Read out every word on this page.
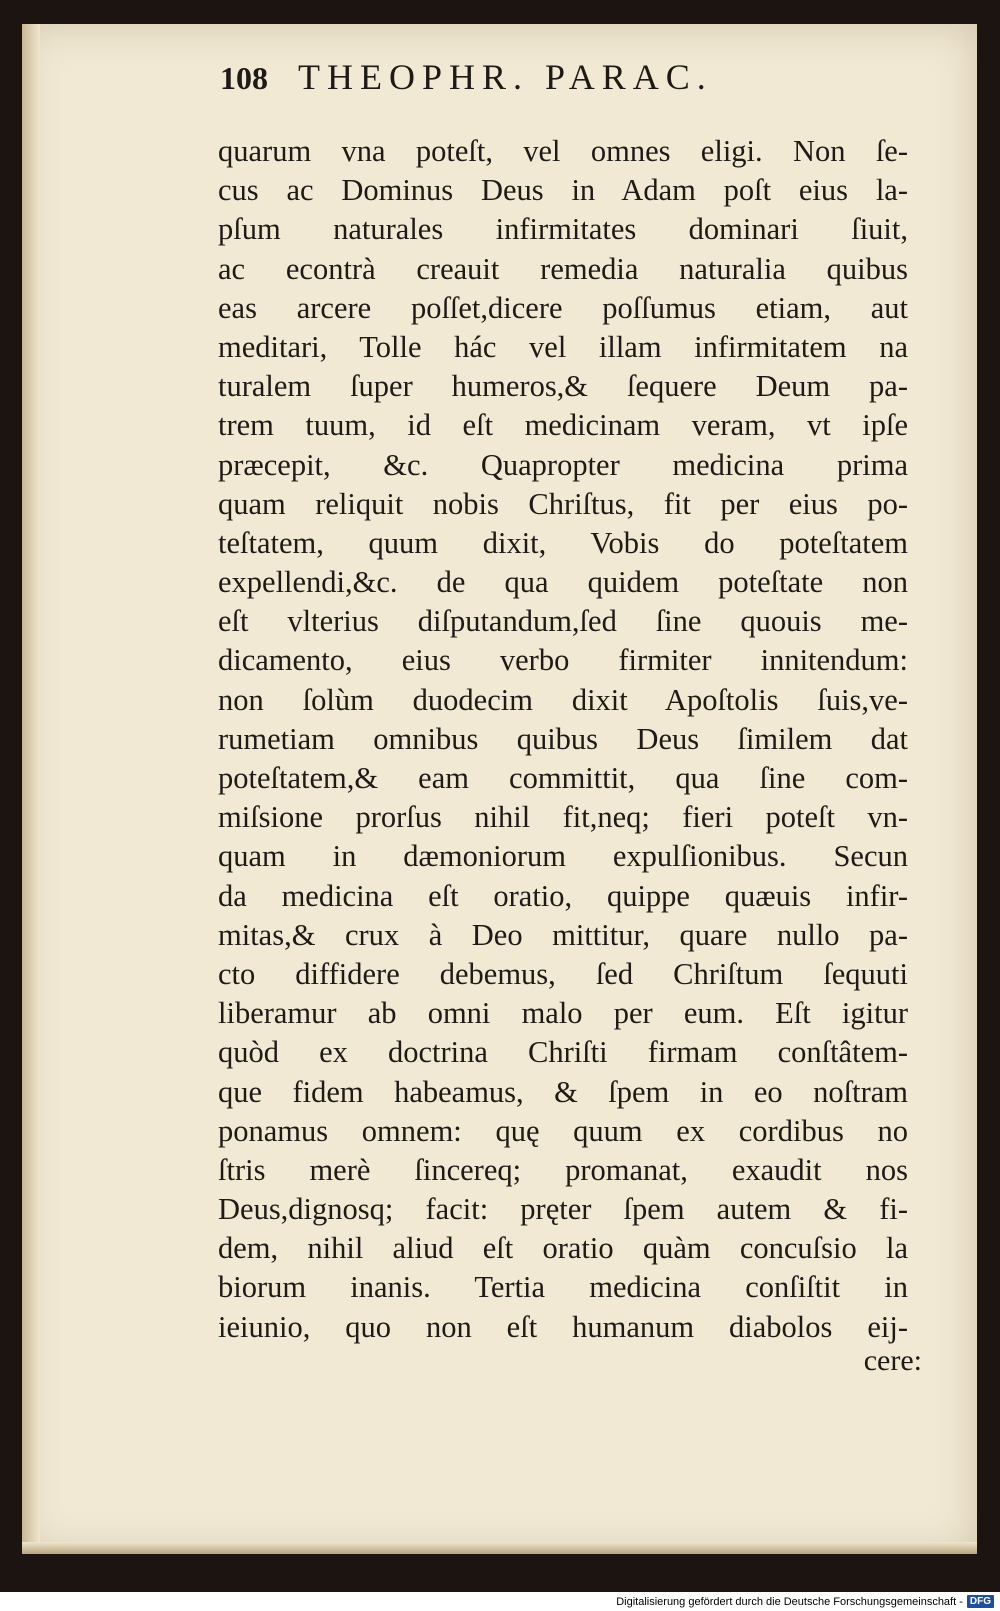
108 THEOPHR. PARAC.
quarum vna poteſt, vel omnes eligi. Non ſe-
cus ac Dominus Deus in Adam poſt eius la-
pſum naturales infirmitates dominari ſiuit,
ac econtrà creauit remedia naturalia quibus
eas arcere poſſet,dicere poſſumus etiam, aut
meditari, Tolle hác vel illam infirmitatem na
turalem ſuper humeros,& ſequere Deum pa-
trem tuum, id eſt medicinam veram, vt ipſe
præcepit, &c. Quapropter medicina prima
quam reliquit nobis Chriſtus, fit per eius po-
teſtatem, quum dixit, Vobis do poteſtatem
expellendi,&c. de qua quidem poteſtate non
eſt vlterius diſputandum,ſed ſine quouis me-
dicamento, eius verbo firmiter innitendum:
non ſolùm duodecim dixit Apoſtolis ſuis,ve-
rumetiam omnibus quibus Deus ſimilem dat
poteſtatem,& eam committit, qua ſine com-
miſsione prorſus nihil fit,neq; fieri poteſt vn-
quam in dæmoniorum expulſionibus. Secun
da medicina eſt oratio, quippe quæuis infir-
mitas,& crux à Deo mittitur, quare nullo pa-
cto diffidere debemus, ſed Chriſtum ſequuti
liberamur ab omni malo per eum. Eſt igitur
quòd ex doctrina Chriſti firmam conſtâtem-
que fidem habeamus, & ſpem in eo noſtram
ponamus omnem: quę quum ex cordibus no
ſtris merè ſincereq; promanat, exaudit nos
Deus,dignosq; facit: pręter ſpem autem & fi-
dem, nihil aliud eſt oratio quàm concuſsio la
biorum inanis. Tertia medicina conſiſtit in
ieiunio, quo non eſt humanum diabolos eij-
cere:
Digitalisierung gefördert durch die Deutsche Forschungsgemeinschaft - DFG
